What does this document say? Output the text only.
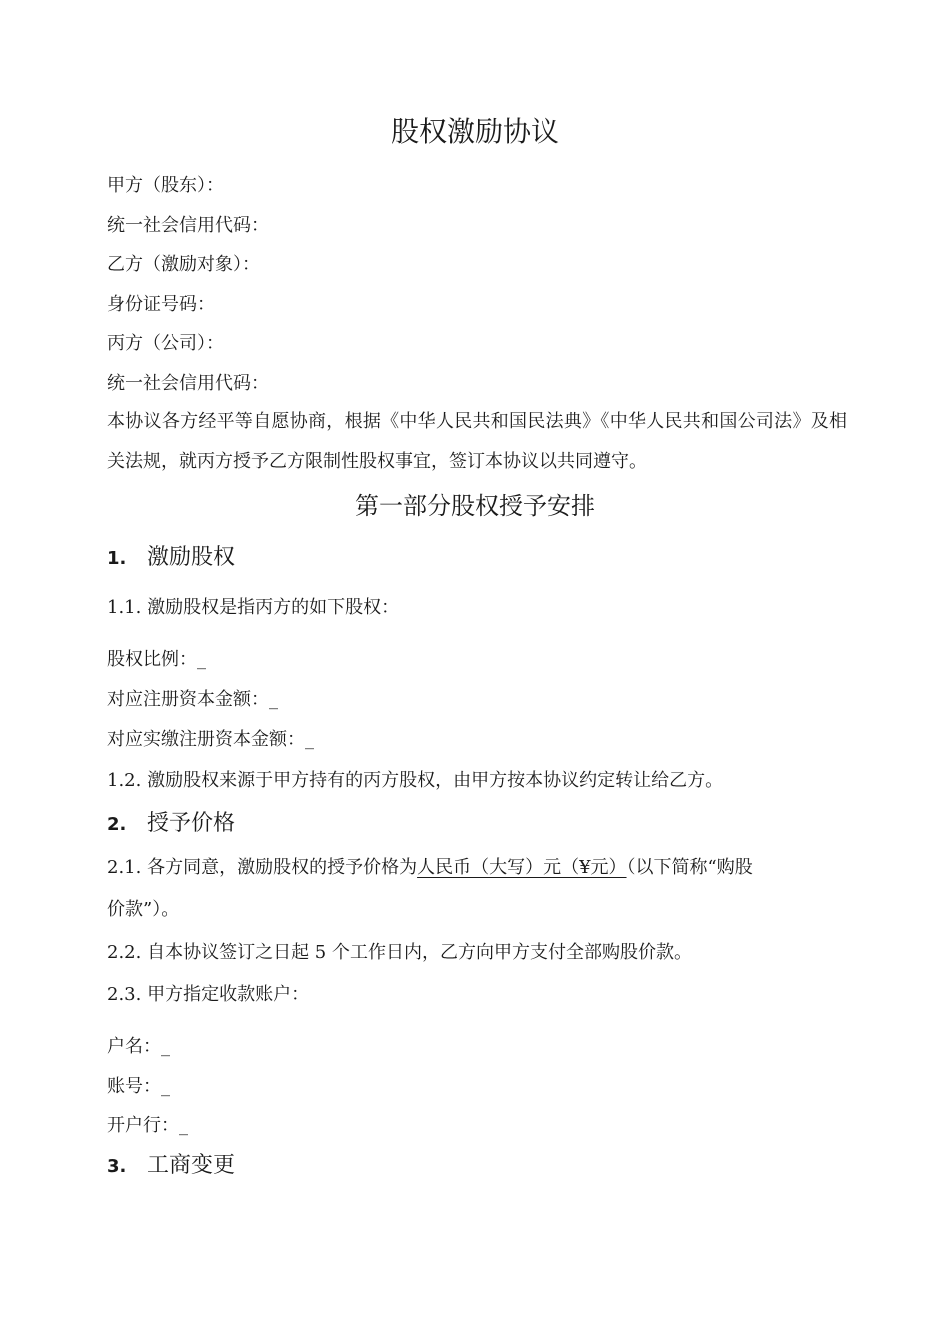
股权激励协议
甲方（股东）：
统一社会信用代码：
乙方（激励对象）：
身份证号码：
丙方（公司）：
统一社会信用代码：
本协议各方经平等自愿协商，根据《中华人民共和国民法典》《中华人民共和国公司法》及相关法规，就丙方授予乙方限制性股权事宜，签订本协议以共同遵守。
第一部分股权授予安排
1. 激励股权
1.1. 激励股权是指丙方的如下股权：
股权比例：_
对应注册资本金额：_
对应实缴注册资本金额：_
1.2. 激励股权来源于甲方持有的丙方股权，由甲方按本协议约定转让给乙方。
2. 授予价格
2.1. 各方同意，激励股权的授予价格为人民币（大写）元（¥元）（以下简称“购股
价款”）。
2.2. 自本协议签订之日起 5 个工作日内，乙方向甲方支付全部购股价款。
2.3. 甲方指定收款账户：
户名：_
账号：_
开户行：_
3. 工商变更
